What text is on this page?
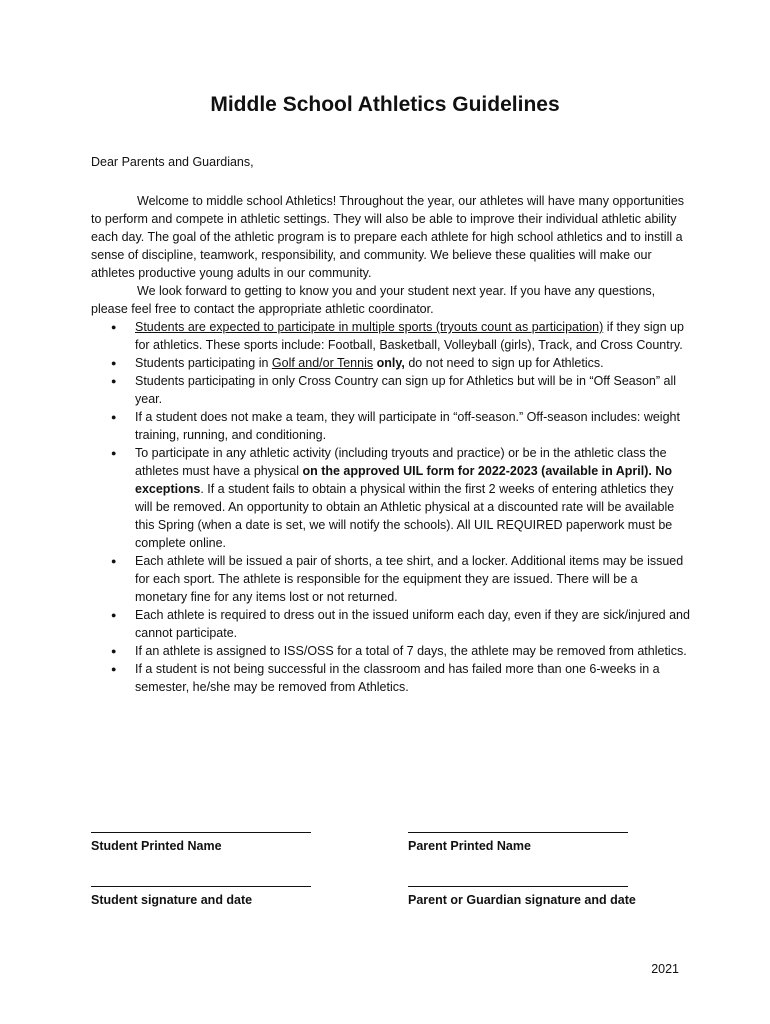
Middle School Athletics Guidelines

Dear Parents and Guardians,

Welcome to middle school Athletics! Throughout the year, our athletes will have many opportunities to perform and compete in athletic settings. They will also be able to improve their individual athletic ability each day. The goal of the athletic program is to prepare each athlete for high school athletics and to instill a sense of discipline, teamwork, responsibility, and community. We believe these qualities will make our athletes productive young adults in our community.

We look forward to getting to know you and your student next year. If you have any questions, please feel free to contact the appropriate athletic coordinator.

● Students are expected to participate in multiple sports (tryouts count as participation) if they sign up for athletics. These sports include: Football, Basketball, Volleyball (girls), Track, and Cross Country.
● Students participating in Golf and/or Tennis only, do not need to sign up for Athletics.
● Students participating in only Cross Country can sign up for Athletics but will be in “Off Season” all year.
● If a student does not make a team, they will participate in “off-season.” Off-season includes: weight training, running, and conditioning.
● To participate in any athletic activity (including tryouts and practice) or be in the athletic class the athletes must have a physical on the approved UIL form for 2022-2023 (available in April). No exceptions. If a student fails to obtain a physical within the first 2 weeks of entering athletics they will be removed. An opportunity to obtain an Athletic physical at a discounted rate will be available this Spring (when a date is set, we will notify the schools). All UIL REQUIRED paperwork must be complete online.
● Each athlete will be issued a pair of shorts, a tee shirt, and a locker. Additional items may be issued for each sport. The athlete is responsible for the equipment they are issued. There will be a monetary fine for any items lost or not returned.
● Each athlete is required to dress out in the issued uniform each day, even if they are sick/injured and cannot participate.
● If an athlete is assigned to ISS/OSS for a total of 7 days, the athlete may be removed from athletics.
● If a student is not being successful in the classroom and has failed more than one 6-weeks in a semester, he/she may be removed from Athletics.
Student Printed Name	Parent Printed Name
Student signature and date	Parent or Guardian signature and date
2021
